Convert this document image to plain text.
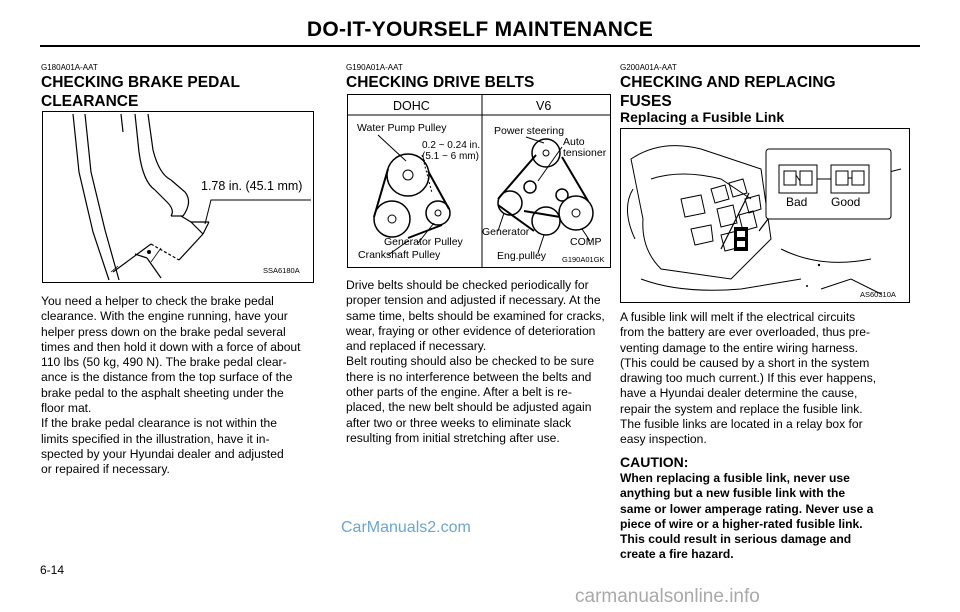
DO-IT-YOURSELF MAINTENANCE
G180A01A-AAT
CHECKING BRAKE PEDAL
CLEARANCE
1.78 in. (45.1 mm)
SSA6180A
You need a helper to check the brake pedal
clearance. With the engine running, have your
helper press down on the brake pedal several
times and then hold it down with a force of about
110 lbs (50 kg, 490 N). The brake pedal clear-
ance is the distance from the top surface of the
brake pedal to the asphalt sheeting under the
floor mat.
If the brake pedal clearance is not within the
limits specified in the illustration, have it in-
spected by your Hyundai dealer and adjusted
or repaired if necessary.
G190A01A-AAT
CHECKING DRIVE BELTS
DOHC	V6
Water Pump Pulley
0.2 ~ 0.24 in.
(5.1 ~ 6 mm)
Generator Pulley
Crankshaft Pulley
Power steering
Auto
tensioner
Generator
COMP
Eng.pulley G190A01GK
Drive belts should be checked periodically for
proper tension and adjusted if necessary. At the
same time, belts should be examined for cracks,
wear, fraying or other evidence of deterioration
and replaced if necessary.
Belt routing should also be checked to be sure
there is no interference between the belts and
other parts of the engine. After a belt is re-
placed, the new belt should be adjusted again
after two or three weeks to eliminate slack
resulting from initial stretching after use.
G200A01A-AAT
CHECKING AND REPLACING
FUSES
Replacing a Fusible Link
Bad Good
AS60310A
A fusible link will melt if the electrical circuits
from the battery are ever overloaded, thus pre-
venting damage to the entire wiring harness.
(This could be caused by a short in the system
drawing too much current.) If this ever happens,
have a Hyundai dealer determine the cause,
repair the system and replace the fusible link.
The fusible links are located in a relay box for
easy inspection.
CAUTION:
When replacing a fusible link, never use
anything but a new fusible link with the
same or lower amperage rating. Never use a
piece of wire or a higher-rated fusible link.
This could result in serious damage and
create a fire hazard.
CarManuals2.com
6-14
carmanualsonline.info
